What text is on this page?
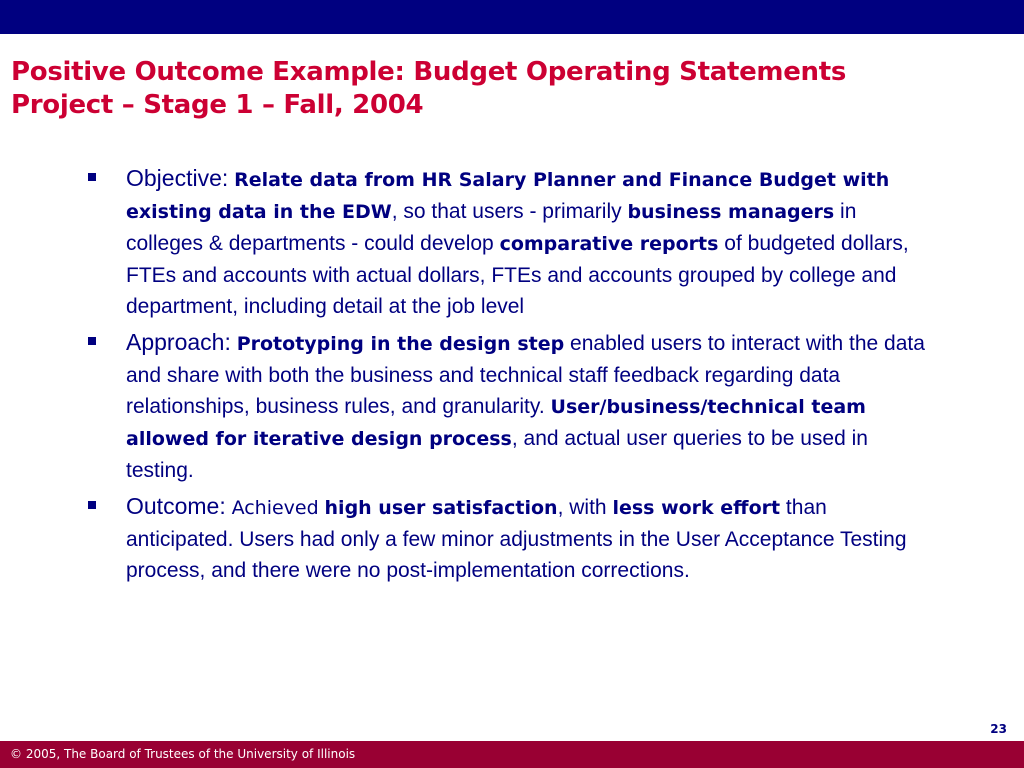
Positive Outcome Example: Budget Operating Statements
Project – Stage 1 – Fall, 2004
Objective: Relate data from HR Salary Planner and Finance Budget with existing data in the EDW, so that users - primarily business managers in colleges & departments - could develop comparative reports of budgeted dollars, FTEs and accounts with actual dollars, FTEs and accounts grouped by college and department, including detail at the job level
Approach: Prototyping in the design step enabled users to interact with the data and share with both the business and technical staff feedback regarding data relationships, business rules, and granularity. User/business/technical team allowed for iterative design process, and actual user queries to be used in testing.
Outcome: Achieved high user satisfaction, with less work effort than anticipated. Users had only a few minor adjustments in the User Acceptance Testing process, and there were no post-implementation corrections.
23
© 2005, The Board of Trustees of the University of Illinois
